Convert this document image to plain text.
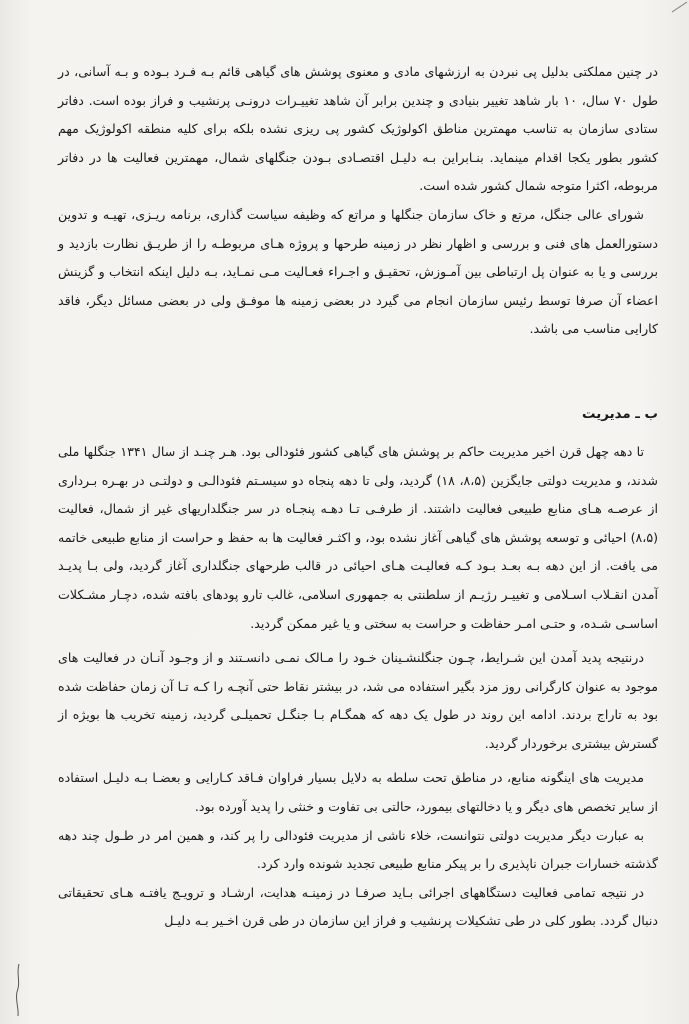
در چنین مملکتی بدلیل پی نبردن به ارزشهای مادی و معنوی پوشش های گیاهی قائم بـه فـرد بـوده و بـه آسانی، در طول ۷۰ سال، ۱۰ بار شاهد تغییر بنیادی و چندین برابر آن شاهد تغییـرات درونـی پرنشیب و فراز بوده است. دفاتر ستادی سازمان به تناسب مهمترین مناطق اکولوژیک کشور پی ریزی نشده بلکه برای کلیه منطقه اکولوژیک مهم کشور بطور یکجا اقدام مینماید. بنـابراین بـه دلیـل اقتصـادی بـودن جنگلهای شمال، مهمترین فعالیت ها در دفاتر مربوطه، اکثرا متوجه شمال کشور شده است.

شورای عالی جنگل، مرتع و خاک سازمان جنگلها و مراتع که وظیفه سیاست گذاری، برنامه ریـزی، تهیـه و تدوین دستورالعمل های فنی و بررسی و اظهار نظر در زمینه طرحها و پروژه هـای مربوطـه را از طریـق نظارت بازدید و بررسی و یا به عنوان پل ارتباطی بین آمـوزش، تحقیـق و اجـراء فعـالیت مـی نمـاید، بـه دلیل اینکه انتخاب و گزینش اعضاء آن صرفا توسط رئیس سازمان انجام می گیرد در بعضی زمینه ها موفـق ولی در بعضی مسائل دیگر، فاقد کارایی مناسب می باشد.

ب ـ مدیریت

تا دهه چهل قرن اخیر مدیریت حاکم بر پوشش های گیاهی کشور فئودالی بود. هـر چنـد از سال ۱۳۴۱ جنگلها ملی شدند، و مدیریت دولتی جایگزین (۸،۵، ۱۸) گردید، ولی تا دهه پنجاه دو سیسـتم فئودالـی و دولتـی در بهـره بـرداری از عرصـه هـای منابع طبیعی فعالیت داشتند. از طرفـی تـا دهـه پنجـاه در سر جنگلداریهای غیر از شمال، فعالیت (۸،۵) احیائی و توسعه پوشش های گیاهی آغاز نشده بود، و اکثـر فعالیت ها به حفظ و حراست از منابع طبیعی خاتمه می یافت. از این دهه بـه بعـد بـود کـه فعالیـت هـای احیائی در قالب طرحهای جنگلداری آغاز گردید، ولی بـا پدیـد آمدن انقـلاب اسـلامی و تغییـر رژیـم از سلطنتی به جمهوری اسلامی، غالب تارو پودهای بافته شده، دچـار مشـکلات اساسـی شـده، و حتـی امـر حفاظت و حراست به سختی و یا غیر ممکن گردید.

درنتیجه پدید آمدن این شـرایط، چـون جنگلنشـینان خـود را مـالک نمـی دانسـتند و از وجـود آنـان در فعالیت های موجود به عنوان کارگرانی روز مزد بگیر استفاده می شد، در بیشتر نقاط حتی آنچـه را کـه تـا آن زمان حفاظت شده بود به تاراج بردند. ادامه این روند در طول یک دهه که همگـام بـا جنگـل تحمیلـی گردید، زمینه تخریب ها بویژه از گسترش بیشتری برخوردار گردید.

مدیریت های اینگونه منابع، در مناطق تحت سلطه به دلایل بسیار فراوان فـاقد کـارایی و بعضـا بـه دلیـل استفاده از سایر تخصص های دیگر و یا دخالتهای بیمورد، حالتی بی تفاوت و خنثی را پدید آورده بود.

به عبارت دیگر مدیریت دولتی نتوانست، خلاء ناشی از مدیریت فئودالی را پر کند، و همین امر در طـول چند دهه گذشته خسارات جبران ناپذیری را بر پیکر منابع طبیعی تجدید شونده وارد کرد.

در نتیجه تمامی فعالیت دستگاههای اجرائی بـاید صرفـا در زمینـه هدایت، ارشـاد و ترویـج یافتـه هـای تحقیقاتی دنبال گردد. بطور کلی در طی تشکیلات پرنشیب و فراز این سازمان در طی قرن اخـیر بـه دلیـل
